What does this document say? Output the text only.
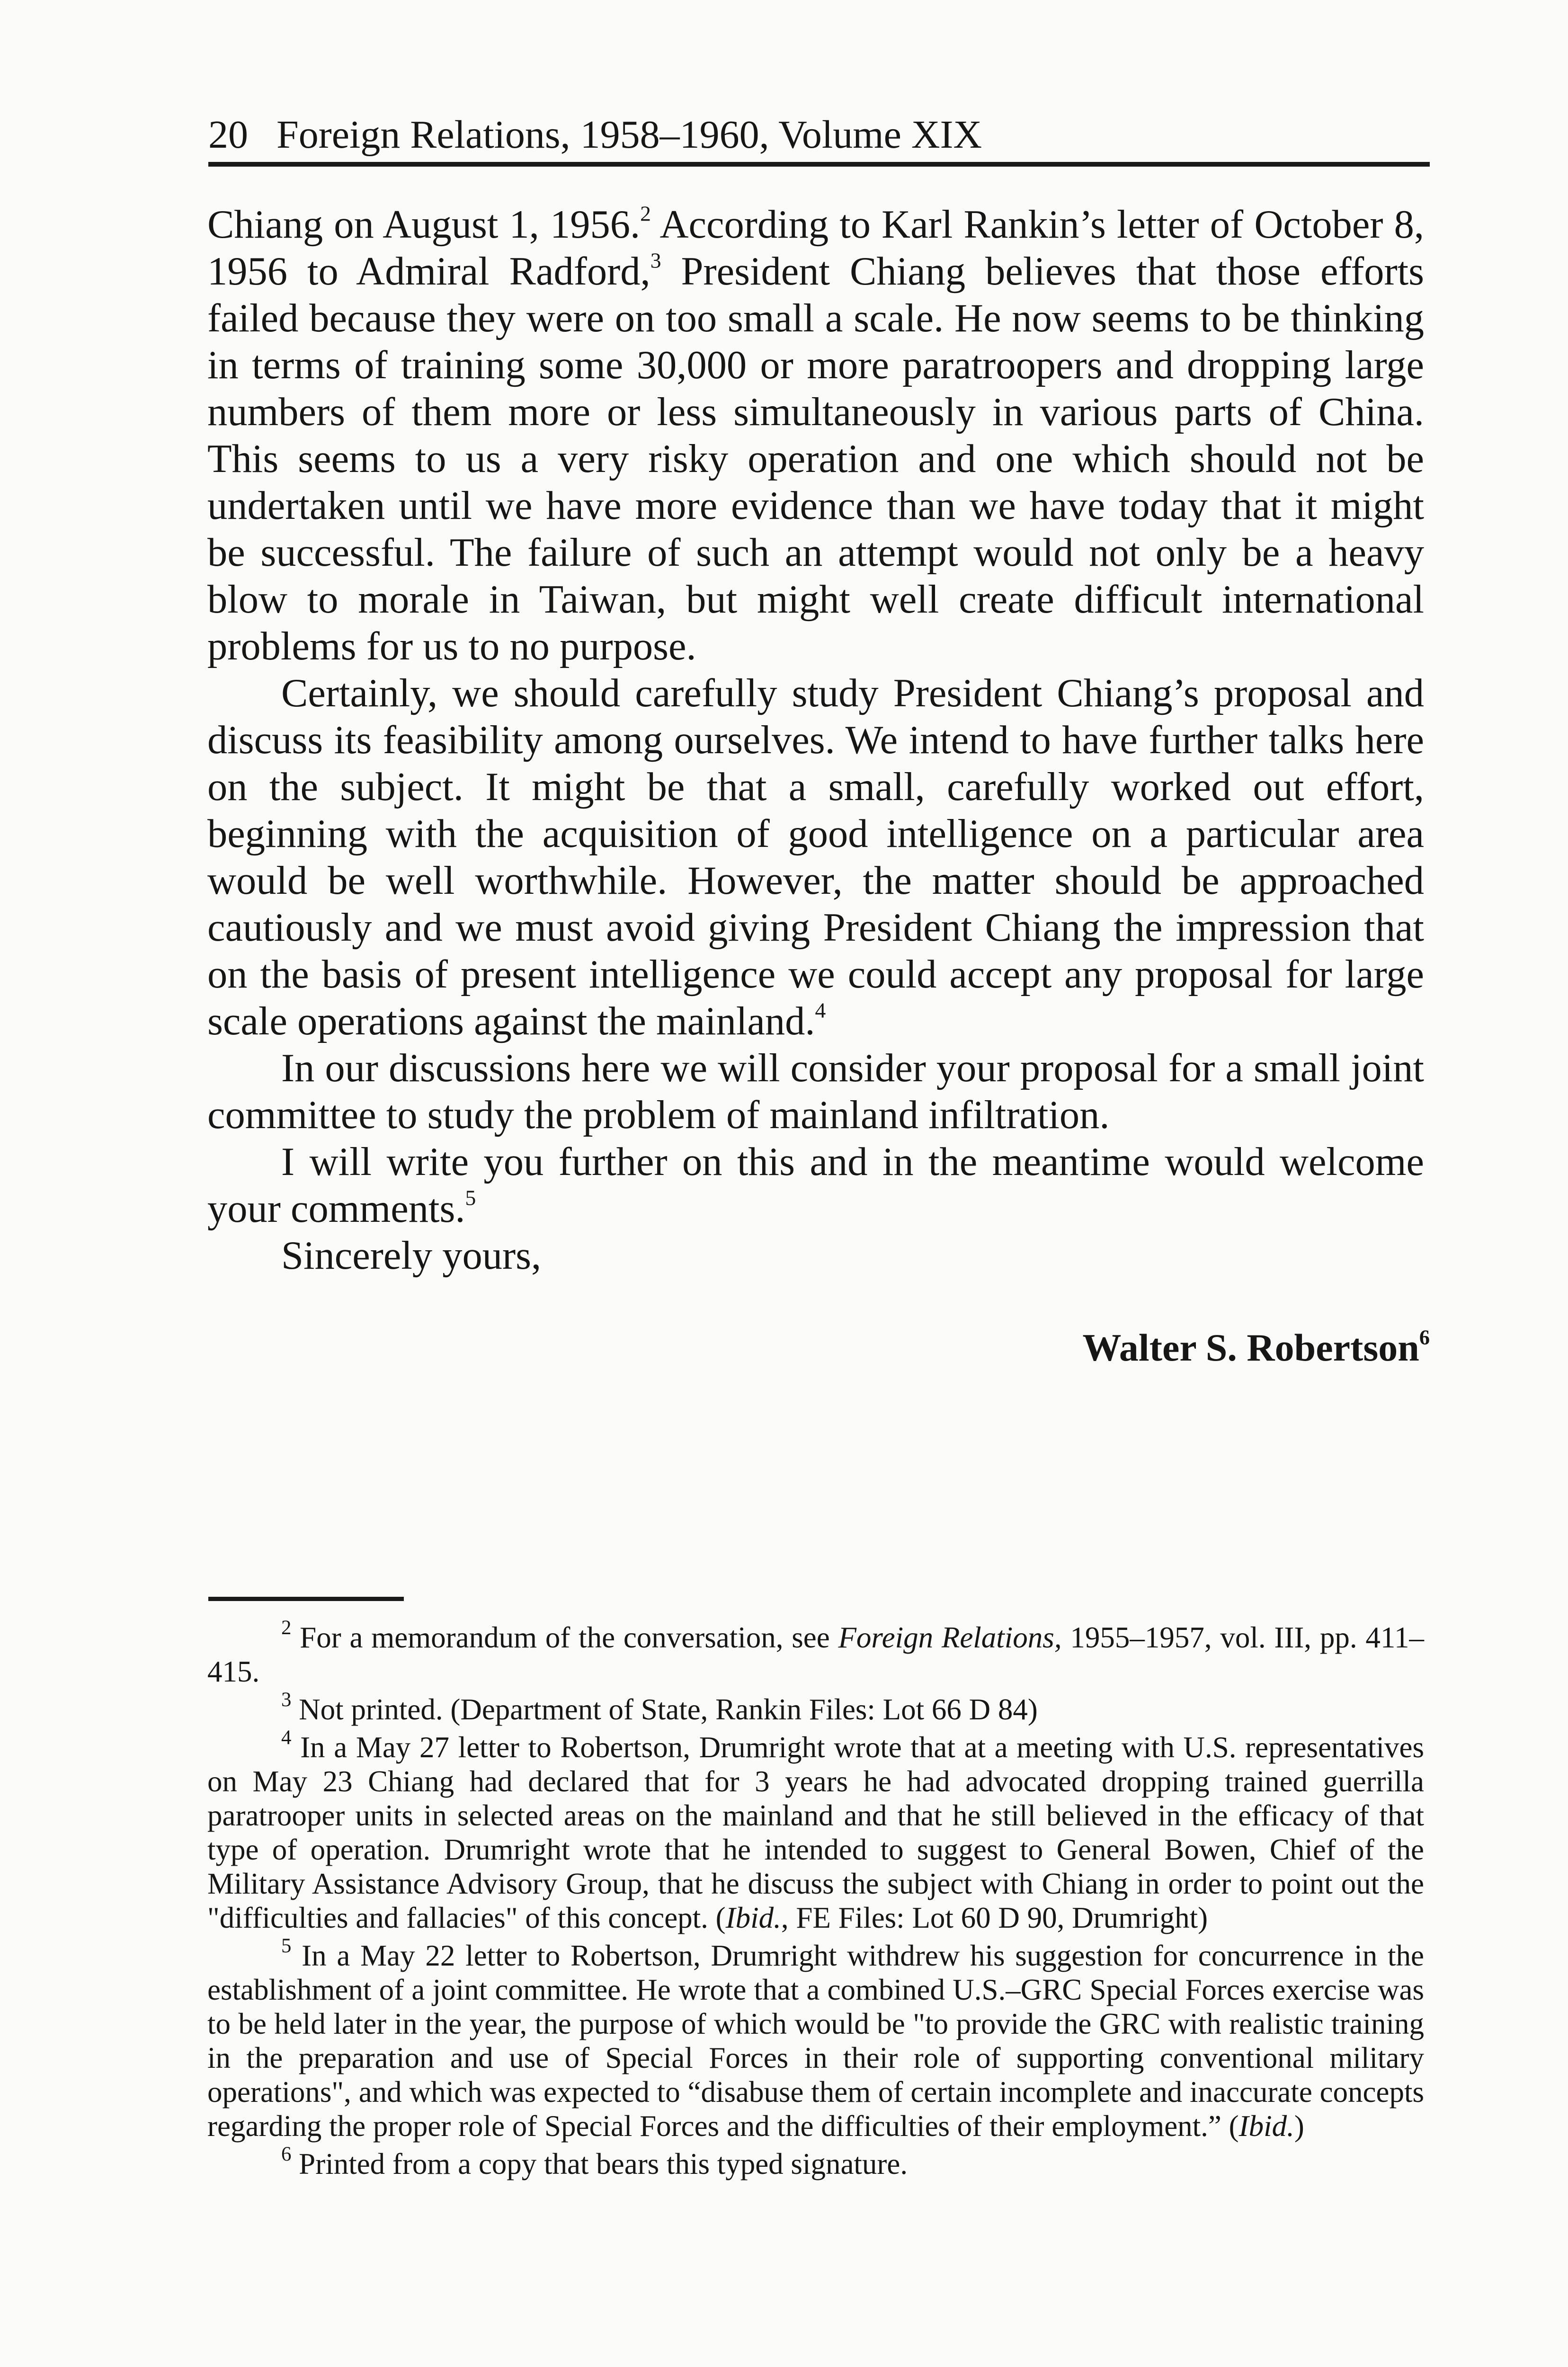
20 Foreign Relations, 1958–1960, Volume XIX

Chiang on August 1, 1956.$^2$ According to Karl Rankin’s letter of October 8, 1956 to Admiral Radford,$^3$ President Chiang believes that those efforts failed because they were on too small a scale. He now seems to be thinking in terms of training some 30,000 or more paratroopers and dropping large numbers of them more or less simultaneously in various parts of China. This seems to us a very risky operation and one which should not be undertaken until we have more evidence than we have today that it might be successful. The failure of such an attempt would not only be a heavy blow to morale in Taiwan, but might well create difficult international problems for us to no purpose.

Certainly, we should carefully study President Chiang’s proposal and discuss its feasibility among ourselves. We intend to have further talks here on the subject. It might be that a small, carefully worked out effort, beginning with the acquisition of good intelligence on a particular area would be well worthwhile. However, the matter should be approached cautiously and we must avoid giving President Chiang the impression that on the basis of present intelligence we could accept any proposal for large scale operations against the mainland.$^4$

In our discussions here we will consider your proposal for a small joint committee to study the problem of mainland infiltration.

I will write you further on this and in the meantime would welcome your comments.$^5$

Sincerely yours,

Walter S. Robertson$^6$

$^2$ For a memorandum of the conversation, see Foreign Relations, 1955–1957, vol. III, pp. 411–415.

$^3$ Not printed. (Department of State, Rankin Files: Lot 66 D 84)

$^4$ In a May 27 letter to Robertson, Drumright wrote that at a meeting with U.S. representatives on May 23 Chiang had declared that for 3 years he had advocated dropping trained guerrilla paratrooper units in selected areas on the mainland and that he still believed in the efficacy of that type of operation. Drumright wrote that he intended to suggest to General Bowen, Chief of the Military Assistance Advisory Group, that he discuss the subject with Chiang in order to point out the "difficulties and fallacies" of this concept. (Ibid., FE Files: Lot 60 D 90, Drumright)

$^5$ In a May 22 letter to Robertson, Drumright withdrew his suggestion for concurrence in the establishment of a joint committee. He wrote that a combined U.S.–GRC Special Forces exercise was to be held later in the year, the purpose of which would be "to provide the GRC with realistic training in the preparation and use of Special Forces in their role of supporting conventional military operations", and which was expected to “disabuse them of certain incomplete and inaccurate concepts regarding the proper role of Special Forces and the difficulties of their employment.” (Ibid.)

$^6$ Printed from a copy that bears this typed signature.
